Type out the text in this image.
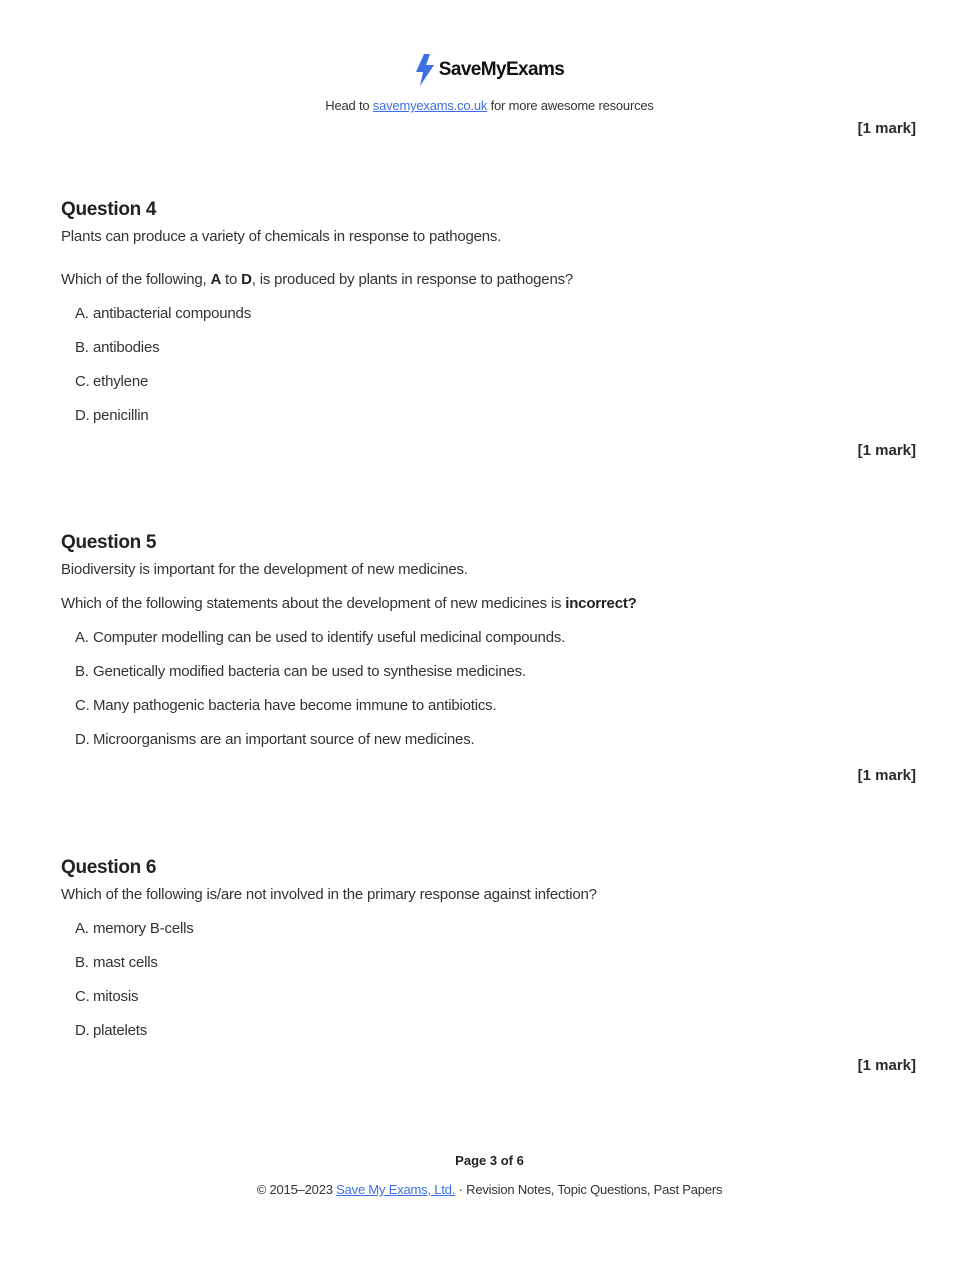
SaveMyExams
Head to savemyexams.co.uk for more awesome resources
[1 mark]
Question 4
Plants can produce a variety of chemicals in response to pathogens.
Which of the following, A to D, is produced by plants in response to pathogens?
A. antibacterial compounds
B. antibodies
C. ethylene
D. penicillin
[1 mark]
Question 5
Biodiversity is important for the development of new medicines.
Which of the following statements about the development of new medicines is incorrect?
A. Computer modelling can be used to identify useful medicinal compounds.
B. Genetically modified bacteria can be used to synthesise medicines.
C. Many pathogenic bacteria have become immune to antibiotics.
D. Microorganisms are an important source of new medicines.
[1 mark]
Question 6
Which of the following is/are not involved in the primary response against infection?
A. memory B-cells
B. mast cells
C. mitosis
D. platelets
[1 mark]
Page 3 of 6
© 2015–2023 Save My Exams, Ltd. · Revision Notes, Topic Questions, Past Papers
